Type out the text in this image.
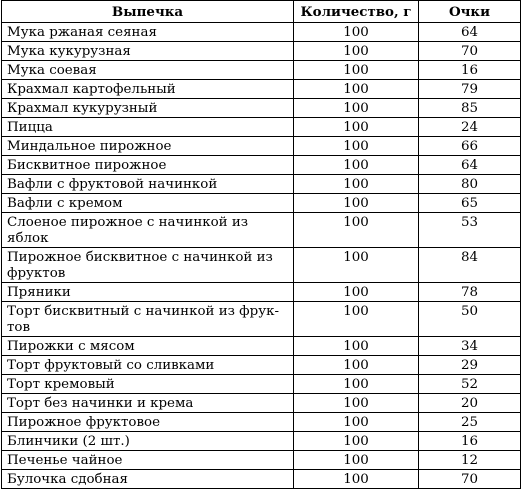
Выпечка	Количество, г	Очки
Мука ржаная сеяная	100	64
Мука кукурузная	100	70
Мука соевая	100	16
Крахмал картофельный	100	79
Крахмал кукурузный	100	85
Пицца	100	24
Миндальное пирожное	100	66
Бисквитное пирожное	100	64
Вафли с фруктовой начинкой	100	80
Вафли с кремом	100	65
Слоеное пирожное с начинкой из яблок	100	53
Пирожное бисквитное с начинкой из фруктов	100	84
Пряники	100	78
Торт бисквитный с начинкой из фрук-тов	100	50
Пирожки с мясом	100	34
Торт фруктовый со сливками	100	29
Торт кремовый	100	52
Торт без начинки и крема	100	20
Пирожное фруктовое	100	25
Блинчики (2 шт.)	100	16
Печенье чайное	100	12
Булочка сдобная	100	70
